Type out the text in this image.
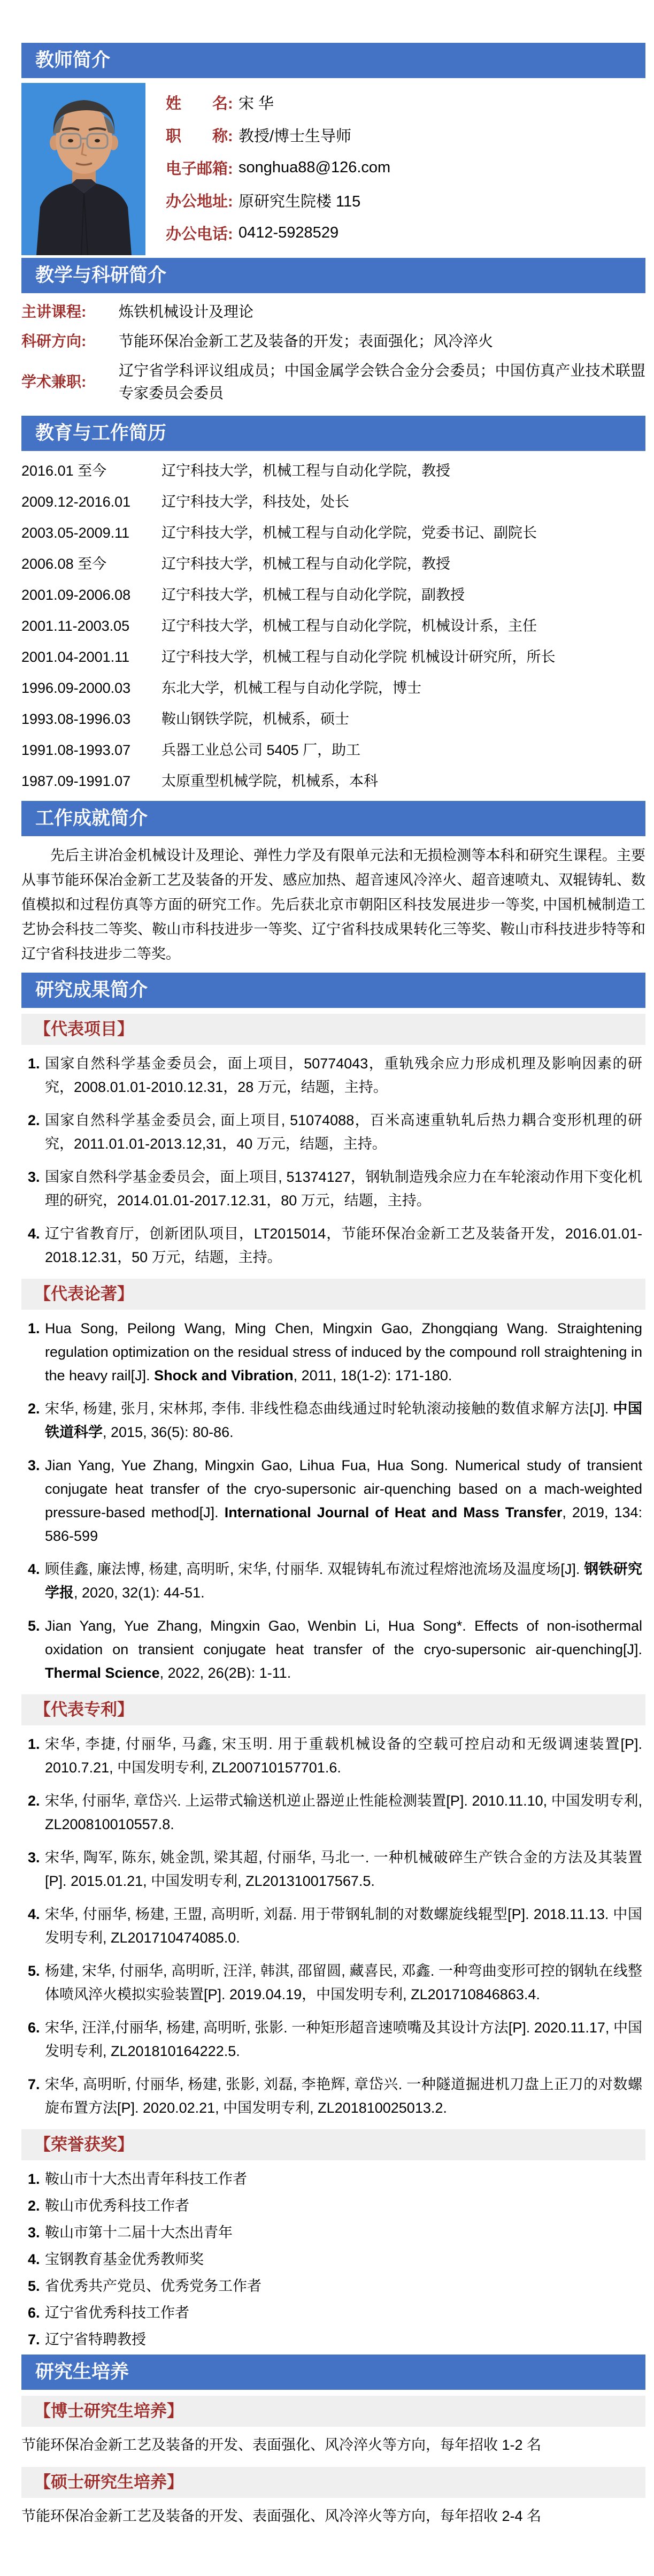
教师简介
姓　　名: 宋 华
职　　称: 教授/博士生导师
电子邮箱: songhua88@126.com
办公地址: 原研究生院楼 115
办公电话: 0412-5928529
教学与科研简介
主讲课程:	炼铁机械设计及理论
科研方向:	节能环保冶金新工艺及装备的开发；表面强化；风冷淬火
学术兼职:
辽宁省学科评议组成员；中国金属学会铁合金分会委员；中国仿真产业技术联盟专家委员会委员
教育与工作简历
2016.01 至今	辽宁科技大学，机械工程与自动化学院，教授
2009.12-2016.01	辽宁科技大学，科技处，处长
2003.05-2009.11	辽宁科技大学，机械工程与自动化学院，党委书记、副院长
2006.08 至今	辽宁科技大学，机械工程与自动化学院，教授
2001.09-2006.08	辽宁科技大学，机械工程与自动化学院，副教授
2001.11-2003.05	辽宁科技大学，机械工程与自动化学院，机械设计系，主任
2001.04-2001.11	辽宁科技大学，机械工程与自动化学院 机械设计研究所，所长
1996.09-2000.03	东北大学，机械工程与自动化学院，博士
1993.08-1996.03	鞍山钢铁学院，机械系，硕士
1991.08-1993.07	兵器工业总公司 5405 厂，助工
1987.09-1991.07	太原重型机械学院，机械系，本科
工作成就简介

先后主讲冶金机械设计及理论、弹性力学及有限单元法和无损检测等本科和研究生课程。主要从事节能环保冶金新工艺及装备的开发、感应加热、超音速风冷淬火、超音速喷丸、双辊铸轧、数值模拟和过程仿真等方面的研究工作。先后获北京市朝阳区科技发展进步一等奖, 中国机械制造工艺协会科技二等奖、鞍山市科技进步一等奖、辽宁省科技成果转化三等奖、鞍山市科技进步特等和辽宁省科技进步二等奖。

研究成果简介
【代表项目】
1. 国家自然科学基金委员会，面上项目，50774043，重轨残余应力形成机理及影响因素的研究，2008.01.01-2010.12.31，28 万元，结题，主持。
2. 国家自然科学基金委员会, 面上项目, 51074088，百米高速重轨轧后热力耦合变形机理的研究，2011.01.01-2013.12,31，40 万元，结题，主持。
3. 国家自然科学基金委员会，面上项目, 51374127，钢轨制造残余应力在车轮滚动作用下变化机理的研究，2014.01.01-2017.12.31，80 万元，结题，主持。
4. 辽宁省教育厅，创新团队项目，LT2015014，节能环保冶金新工艺及装备开发，2016.01.01-2018.12.31，50 万元，结题，主持。
【代表论著】
1. Hua Song, Peilong Wang, Ming Chen, Mingxin Gao, Zhongqiang Wang. Straightening regulation optimization on the residual stress of induced by the compound roll straightening in the heavy rail[J]. Shock and Vibration, 2011, 18(1-2): 171-180.
2. 宋华, 杨建, 张月, 宋林邦, 李伟. 非线性稳态曲线通过时轮轨滚动接触的数值求解方法[J]. 中国铁道科学, 2015, 36(5): 80-86.
3. Jian Yang, Yue Zhang, Mingxin Gao, Lihua Fua, Hua Song. Numerical study of transient conjugate heat transfer of the cryo-supersonic air-quenching based on a mach-weighted pressure-based method[J]. International Journal of Heat and Mass Transfer, 2019, 134: 586-599
4. 顾佳鑫, 廉法博, 杨建, 高明昕, 宋华, 付丽华. 双辊铸轧布流过程熔池流场及温度场[J]. 钢铁研究学报, 2020, 32(1): 44-51.
5. Jian Yang, Yue Zhang, Mingxin Gao, Wenbin Li, Hua Song*. Effects of non-isothermal oxidation on transient conjugate heat transfer of the cryo-supersonic air-quenching[J]. Thermal Science, 2022, 26(2B): 1-11.
【代表专利】
1. 宋华, 李捷, 付丽华, 马鑫, 宋玉明. 用于重载机械设备的空载可控启动和无级调速装置[P]. 2010.7.21, 中国发明专利, ZL200710157701.6.
2. 宋华, 付丽华, 章岱兴. 上运带式输送机逆止器逆止性能检测装置[P]. 2010.11.10, 中国发明专利, ZL200810010557.8.
3. 宋华, 陶军, 陈东, 姚金凯, 梁其超, 付丽华, 马北一. 一种机械破碎生产铁合金的方法及其装置[P]. 2015.01.21, 中国发明专利, ZL201310017567.5.
4. 宋华, 付丽华, 杨建, 王盟, 高明昕, 刘磊. 用于带钢轧制的对数螺旋线辊型[P]. 2018.11.13. 中国发明专利, ZL201710474085.0.
5. 杨建, 宋华, 付丽华, 高明昕, 汪洋, 韩淇, 邵留圆, 藏喜民, 邓鑫. 一种弯曲变形可控的钢轨在线整体喷风淬火模拟实验装置[P]. 2019.04.19，中国发明专利, ZL201710846863.4.
6. 宋华, 汪洋,付丽华, 杨建, 高明昕, 张影. 一种矩形超音速喷嘴及其设计方法[P]. 2020.11.17, 中国发明专利, ZL201810164222.5.
7. 宋华, 高明昕, 付丽华, 杨建, 张影, 刘磊, 李艳辉, 章岱兴. 一种隧道掘进机刀盘上正刀的对数螺旋布置方法[P]. 2020.02.21, 中国发明专利, ZL201810025013.2.
【荣誉获奖】
1. 鞍山市十大杰出青年科技工作者
2. 鞍山市优秀科技工作者
3. 鞍山市第十二届十大杰出青年
4. 宝钢教育基金优秀教师奖
5. 省优秀共产党员、优秀党务工作者
6. 辽宁省优秀科技工作者
7. 辽宁省特聘教授
研究生培养
【博士研究生培养】
节能环保冶金新工艺及装备的开发、表面强化、风冷淬火等方向，每年招收 1-2 名
【硕士研究生培养】
节能环保冶金新工艺及装备的开发、表面强化、风冷淬火等方向，每年招收 2-4 名
